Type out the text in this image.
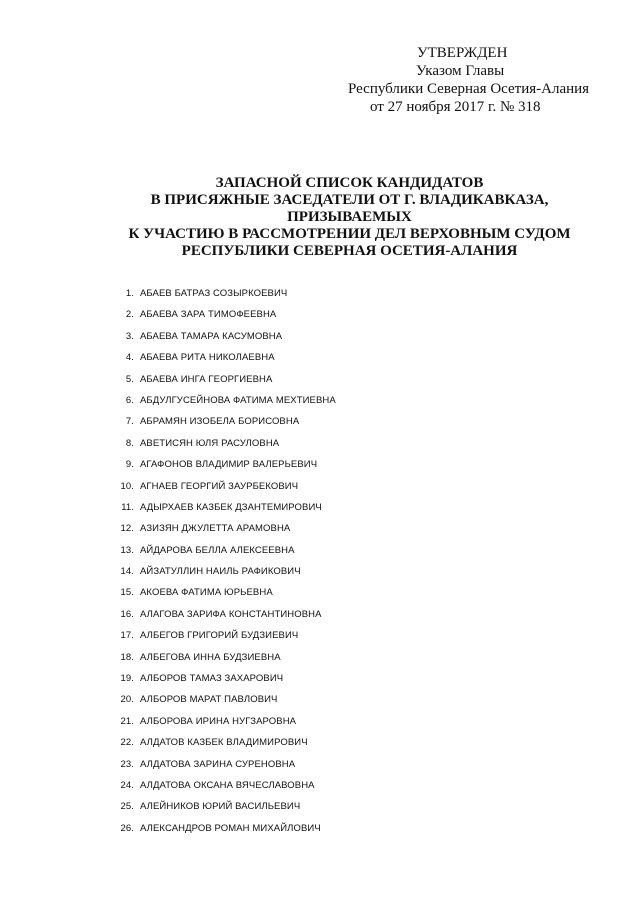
УТВЕРЖДЕН
Указом Главы
Республики Северная Осетия-Алания
от 27 ноября 2017 г. № 318
ЗАПАСНОЙ СПИСОК КАНДИДАТОВ
В ПРИСЯЖНЫЕ ЗАСЕДАТЕЛИ ОТ Г. ВЛАДИКАВКАЗА,
ПРИЗЫВАЕМЫХ
К УЧАСТИЮ В РАССМОТРЕНИИ ДЕЛ ВЕРХОВНЫМ СУДОМ
РЕСПУБЛИКИ СЕВЕРНАЯ ОСЕТИЯ-АЛАНИЯ
1. АБАЕВ БАТРАЗ СОЗЫРКОЕВИЧ
2. АБАЕВА ЗАРА ТИМОФЕЕВНА
3. АБАЕВА ТАМАРА КАСУМОВНА
4. АБАЕВА РИТА НИКОЛАЕВНА
5. АБАЕВА ИНГА ГЕОРГИЕВНА
6. АБДУЛГУСЕЙНОВА ФАТИМА МЕХТИЕВНА
7. АБРАМЯН ИЗОБЕЛА БОРИСОВНА
8. АВЕТИСЯН ЮЛЯ РАСУЛОВНА
9. АГАФОНОВ ВЛАДИМИР ВАЛЕРЬЕВИЧ
10. АГНАЕВ ГЕОРГИЙ ЗАУРБЕКОВИЧ
11. АДЫРХАЕВ КАЗБЕК ДЗАНТЕМИРОВИЧ
12. АЗИЗЯН ДЖУЛЕТТА АРАМОВНА
13. АЙДАРОВА БЕЛЛА АЛЕКСЕЕВНА
14. АЙЗАТУЛЛИН НАИЛЬ РАФИКОВИЧ
15. АКОЕВА ФАТИМА ЮРЬЕВНА
16. АЛАГОВА ЗАРИФА КОНСТАНТИНОВНА
17. АЛБЕГОВ ГРИГОРИЙ БУДЗИЕВИЧ
18. АЛБЕГОВА ИННА БУДЗИЕВНА
19. АЛБОРОВ ТАМАЗ ЗАХАРОВИЧ
20. АЛБОРОВ МАРАТ ПАВЛОВИЧ
21. АЛБОРОВА ИРИНА НУГЗАРОВНА
22. АЛДАТОВ КАЗБЕК ВЛАДИМИРОВИЧ
23. АЛДАТОВА ЗАРИНА СУРЕНОВНА
24. АЛДАТОВА ОКСАНА ВЯЧЕСЛАВОВНА
25. АЛЕЙНИКОВ ЮРИЙ ВАСИЛЬЕВИЧ
26. АЛЕКСАНДРОВ РОМАН МИХАЙЛОВИЧ
